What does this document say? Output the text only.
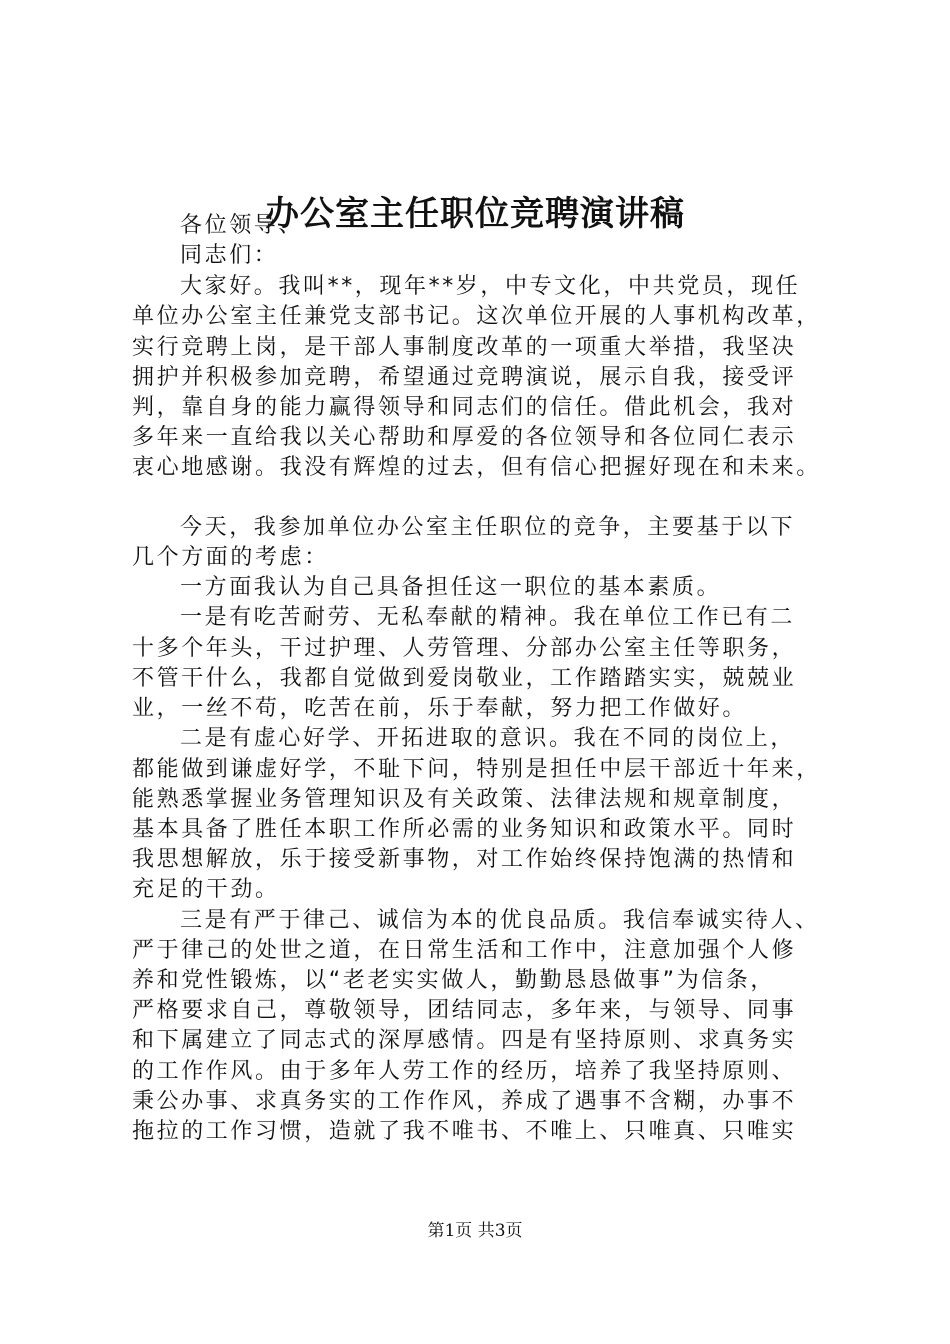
办公室主任职位竞聘演讲稿
各位领导、
同志们：
大家好。我叫**，现年**岁，中专文化，中共党员，现任
单位办公室主任兼党支部书记。这次单位开展的人事机构改革，
实行竞聘上岗，是干部人事制度改革的一项重大举措，我坚决
拥护并积极参加竞聘，希望通过竞聘演说，展示自我，接受评
判，靠自身的能力赢得领导和同志们的信任。借此机会，我对
多年来一直给我以关心帮助和厚爱的各位领导和各位同仁表示
衷心地感谢。我没有辉煌的过去，但有信心把握好现在和未来。
今天，我参加单位办公室主任职位的竞争，主要基于以下
几个方面的考虑：
一方面我认为自己具备担任这一职位的基本素质。
一是有吃苦耐劳、无私奉献的精神。我在单位工作已有二
十多个年头，干过护理、人劳管理、分部办公室主任等职务，
不管干什么，我都自觉做到爱岗敬业，工作踏踏实实，兢兢业
业，一丝不苟，吃苦在前，乐于奉献，努力把工作做好。
二是有虚心好学、开拓进取的意识。我在不同的岗位上，
都能做到谦虚好学，不耻下问，特别是担任中层干部近十年来，
能熟悉掌握业务管理知识及有关政策、法律法规和规章制度，
基本具备了胜任本职工作所必需的业务知识和政策水平。同时
我思想解放，乐于接受新事物，对工作始终保持饱满的热情和
充足的干劲。
三是有严于律己、诚信为本的优良品质。我信奉诚实待人、
严于律己的处世之道，在日常生活和工作中，注意加强个人修
养和党性锻炼，以“老老实实做人，勤勤恳恳做事”为信条，
严格要求自己，尊敬领导，团结同志，多年来，与领导、同事
和下属建立了同志式的深厚感情。四是有坚持原则、求真务实
的工作作风。由于多年人劳工作的经历，培养了我坚持原则、
秉公办事、求真务实的工作作风，养成了遇事不含糊，办事不
拖拉的工作习惯，造就了我不唯书、不唯上、只唯真、只唯实
第1页 共3页
